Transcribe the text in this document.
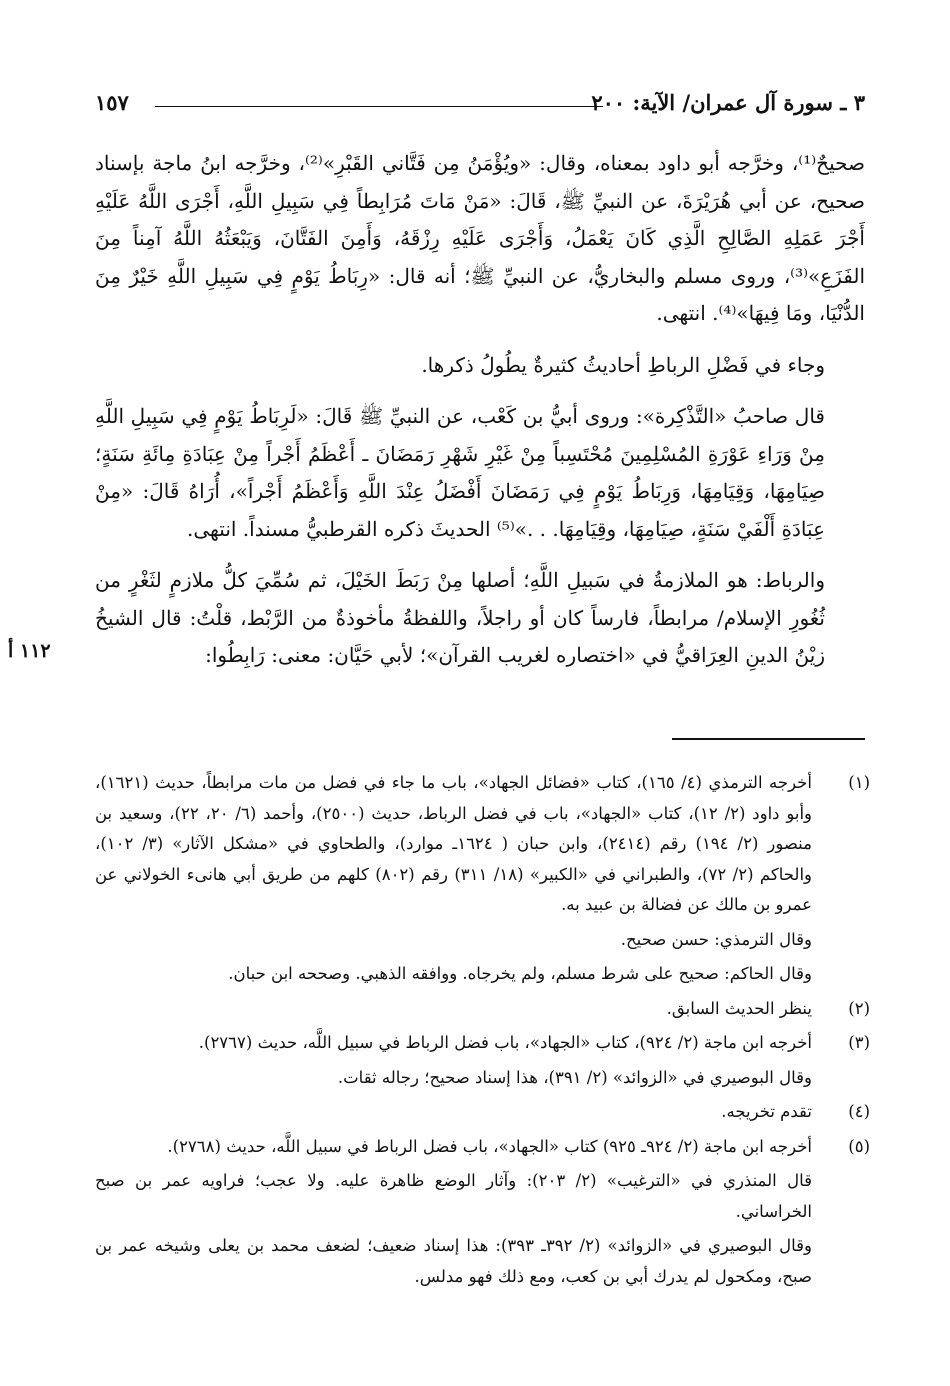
٣ ـ سورة آل عمران/ الآية: ٢٠٠
١٥٧

صحيحٌ⁽¹⁾، وخرَّجه أبو داود بمعناه، وقال: «ويُؤْمَنُ مِن فَتَّاني القَبْرِ»⁽²⁾، وخرَّجه ابنُ ماجة بإسناد صحيح، عن أبي هُرَيْرَةَ، عن النبيِّ ﷺ، قَالَ: «مَنْ مَاتَ مُرَابِطاً فِي سَبِيلِ اللَّهِ، أَجْرَى اللَّهُ عَلَيْهِ أَجْرَ عَمَلِهِ الصَّالِحِ الَّذِي كَانَ يَعْمَلُ، وَأَجْرَى عَلَيْهِ رِزْقَهُ، وَأَمِنَ الفَتَّانَ، وَيَبْعَثُهُ اللَّهُ آمِناً مِنَ الفَزَعِ»⁽³⁾، وروى مسلم والبخاريُّ، عن النبيِّ ﷺ؛ أنه قال: «رِبَاطُ يَوْمٍ فِي سَبِيلِ اللَّهِ خَيْرٌ مِنَ الدُّنْيَا، ومَا فِيهَا»⁽⁴⁾. انتهى.

وجاء في فَضْلِ الرباطِ أحاديثُ كثيرةٌ يطُولُ ذكرها.

قال صاحبُ «التَّذْكِرة»: وروى أبيُّ بن كَعْب، عن النبيِّ ﷺ قَالَ: «لَرِبَاطُ يَوْمٍ فِي سَبِيلِ اللَّهِ مِنْ وَرَاءِ عَوْرَةِ المُسْلِمِينَ مُحْتَسِباً مِنْ غَيْرِ شَهْرِ رَمَضَانَ ـ أَعْظَمُ أَجْراً مِنْ عِبَادَةِ مِائَةِ سَنَةٍ؛ صِيَامِهَا، وَقِيَامِهَا، وَرِبَاطُ يَوْمٍ فِي رَمَضَانَ أَفْضَلُ عِنْدَ اللَّهِ وَأَعْظَمُ أَجْراً»، أُرَاهُ قَالَ: «مِنْ عِبَادَةِ أَلْفَيْ سَنَةٍ، صِيَامِهَا، وقِيَامِهَا. . .»⁽⁵⁾ الحديثَ ذكره القرطبيُّ مسنداً. انتهى.

والرباط: هو الملازمةُ في سَبيلِ اللَّهِ؛ أصلها مِنْ رَبَطَ الخَيْلَ، ثم سُمِّيَ كلُّ ملازمٍ لثَغْرٍ من ثُغُورِ الإسلام/ مرابطاً، فارساً كان أو راجلاً، واللفظةُ مأخوذةٌ من الرَّبْط، قلْتُ: قال الشيخُ زيْنُ الدينِ العِرَاقيُّ في «اختصاره لغريب القرآن»؛ لأبي حَيَّان: معنى: رَابِطُوا:

١١٢ أ
(١)
أخرجه الترمذي (٤/ ١٦٥)، كتاب «فضائل الجهاد»، باب ما جاء في فضل من مات مرابطاً، حديث (١٦٢١)، وأبو داود (٢/ ١٢)، كتاب «الجهاد»، باب في فضل الرباط، حديث (٢٥٠٠)، وأحمد (٦/ ٢٠، ٢٢)، وسعيد بن منصور (٢/ ١٩٤) رقم (٢٤١٤)، وابن حبان ( ١٦٢٤ـ موارد)، والطحاوي في «مشكل الآثار» (٣/ ١٠٢)، والحاكم (٢/ ٧٢)، والطبراني في «الكبير» (١٨/ ٣١١) رقم (٨٠٢) كلهم من طريق أبي هانىء الخولاني عن عمرو بن مالك عن فضالة بن عبيد به.
وقال الترمذي: حسن صحيح.
وقال الحاكم: صحيح على شرط مسلم، ولم يخرجاه. ووافقه الذهبي. وصححه ابن حبان.
(٢)
ينظر الحديث السابق.
(٣)
أخرجه ابن ماجة (٢/ ٩٢٤)، كتاب «الجهاد»، باب فضل الرباط في سبيل اللَّه، حديث (٢٧٦٧).
وقال البوصيري في «الزوائد» (٢/ ٣٩١)، هذا إسناد صحيح؛ رجاله ثقات.
(٤)
تقدم تخريجه.
(٥)
أخرجه ابن ماجة (٢/ ٩٢٤ـ ٩٢٥) كتاب «الجهاد»، باب فضل الرباط في سبيل اللَّه، حديث (٢٧٦٨).
قال المنذري في «الترغيب» (٢/ ٢٠٣): وآثار الوضع ظاهرة عليه. ولا عجب؛ فراويه عمر بن صبح الخراساني.
وقال البوصيري في «الزوائد» (٢/ ٣٩٢ـ ٣٩٣): هذا إسناد ضعيف؛ لضعف محمد بن يعلى وشيخه عمر بن صبح، ومكحول لم يدرك أبي بن كعب، ومع ذلك فهو مدلس.
